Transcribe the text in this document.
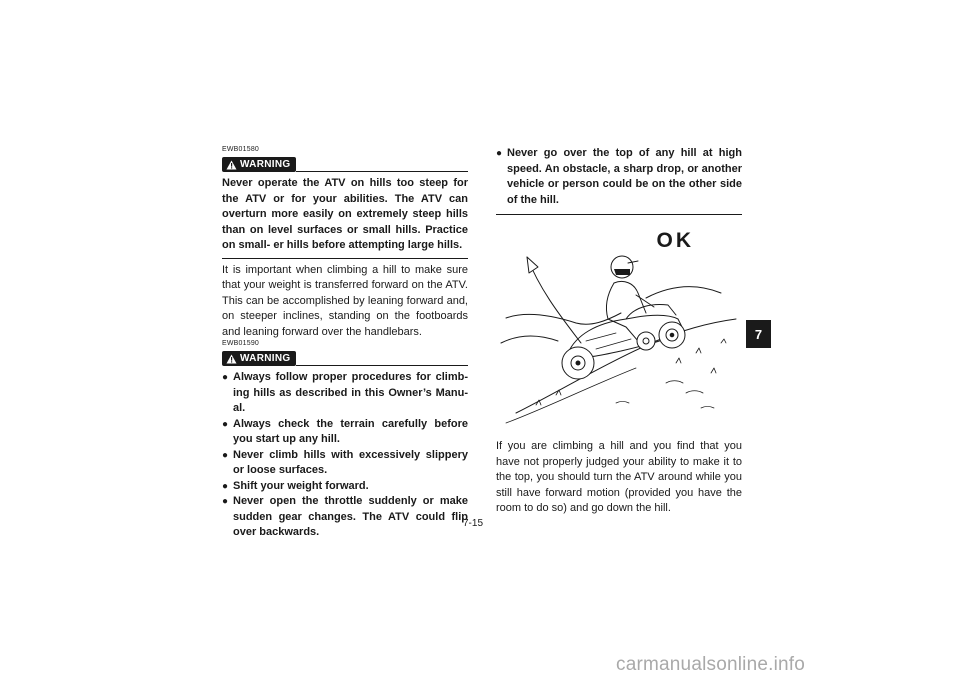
EWB01580
WARNING
Never operate the ATV on hills too steep for the ATV or for your abilities. The ATV can overturn more easily on extremely steep hills than on level surfaces or small hills. Practice on small- er hills before attempting large hills.
It is important when climbing a hill to make sure that your weight is transferred forward on the ATV. This can be accomplished by leaning forward and, on steeper inclines, standing on the footboards and leaning forward over the handlebars.
EWB01590
WARNING
● Always follow proper procedures for climb- ing hills as described in this Owner’s Manu- al.
● Always check the terrain carefully before you start up any hill.
● Never climb hills with excessively slippery or loose surfaces.
● Shift your weight forward.
● Never open the throttle suddenly or make sudden gear changes. The ATV could flip over backwards.
● Never go over the top of any hill at high speed. An obstacle, a sharp drop, or another vehicle or person could be on the other side of the hill.
OK
If you are climbing a hill and you find that you have not properly judged your ability to make it to the top, you should turn the ATV around while you still have forward motion (provided you have the room to do so) and go down the hill.
7-15
7
carmanualsonline.info
